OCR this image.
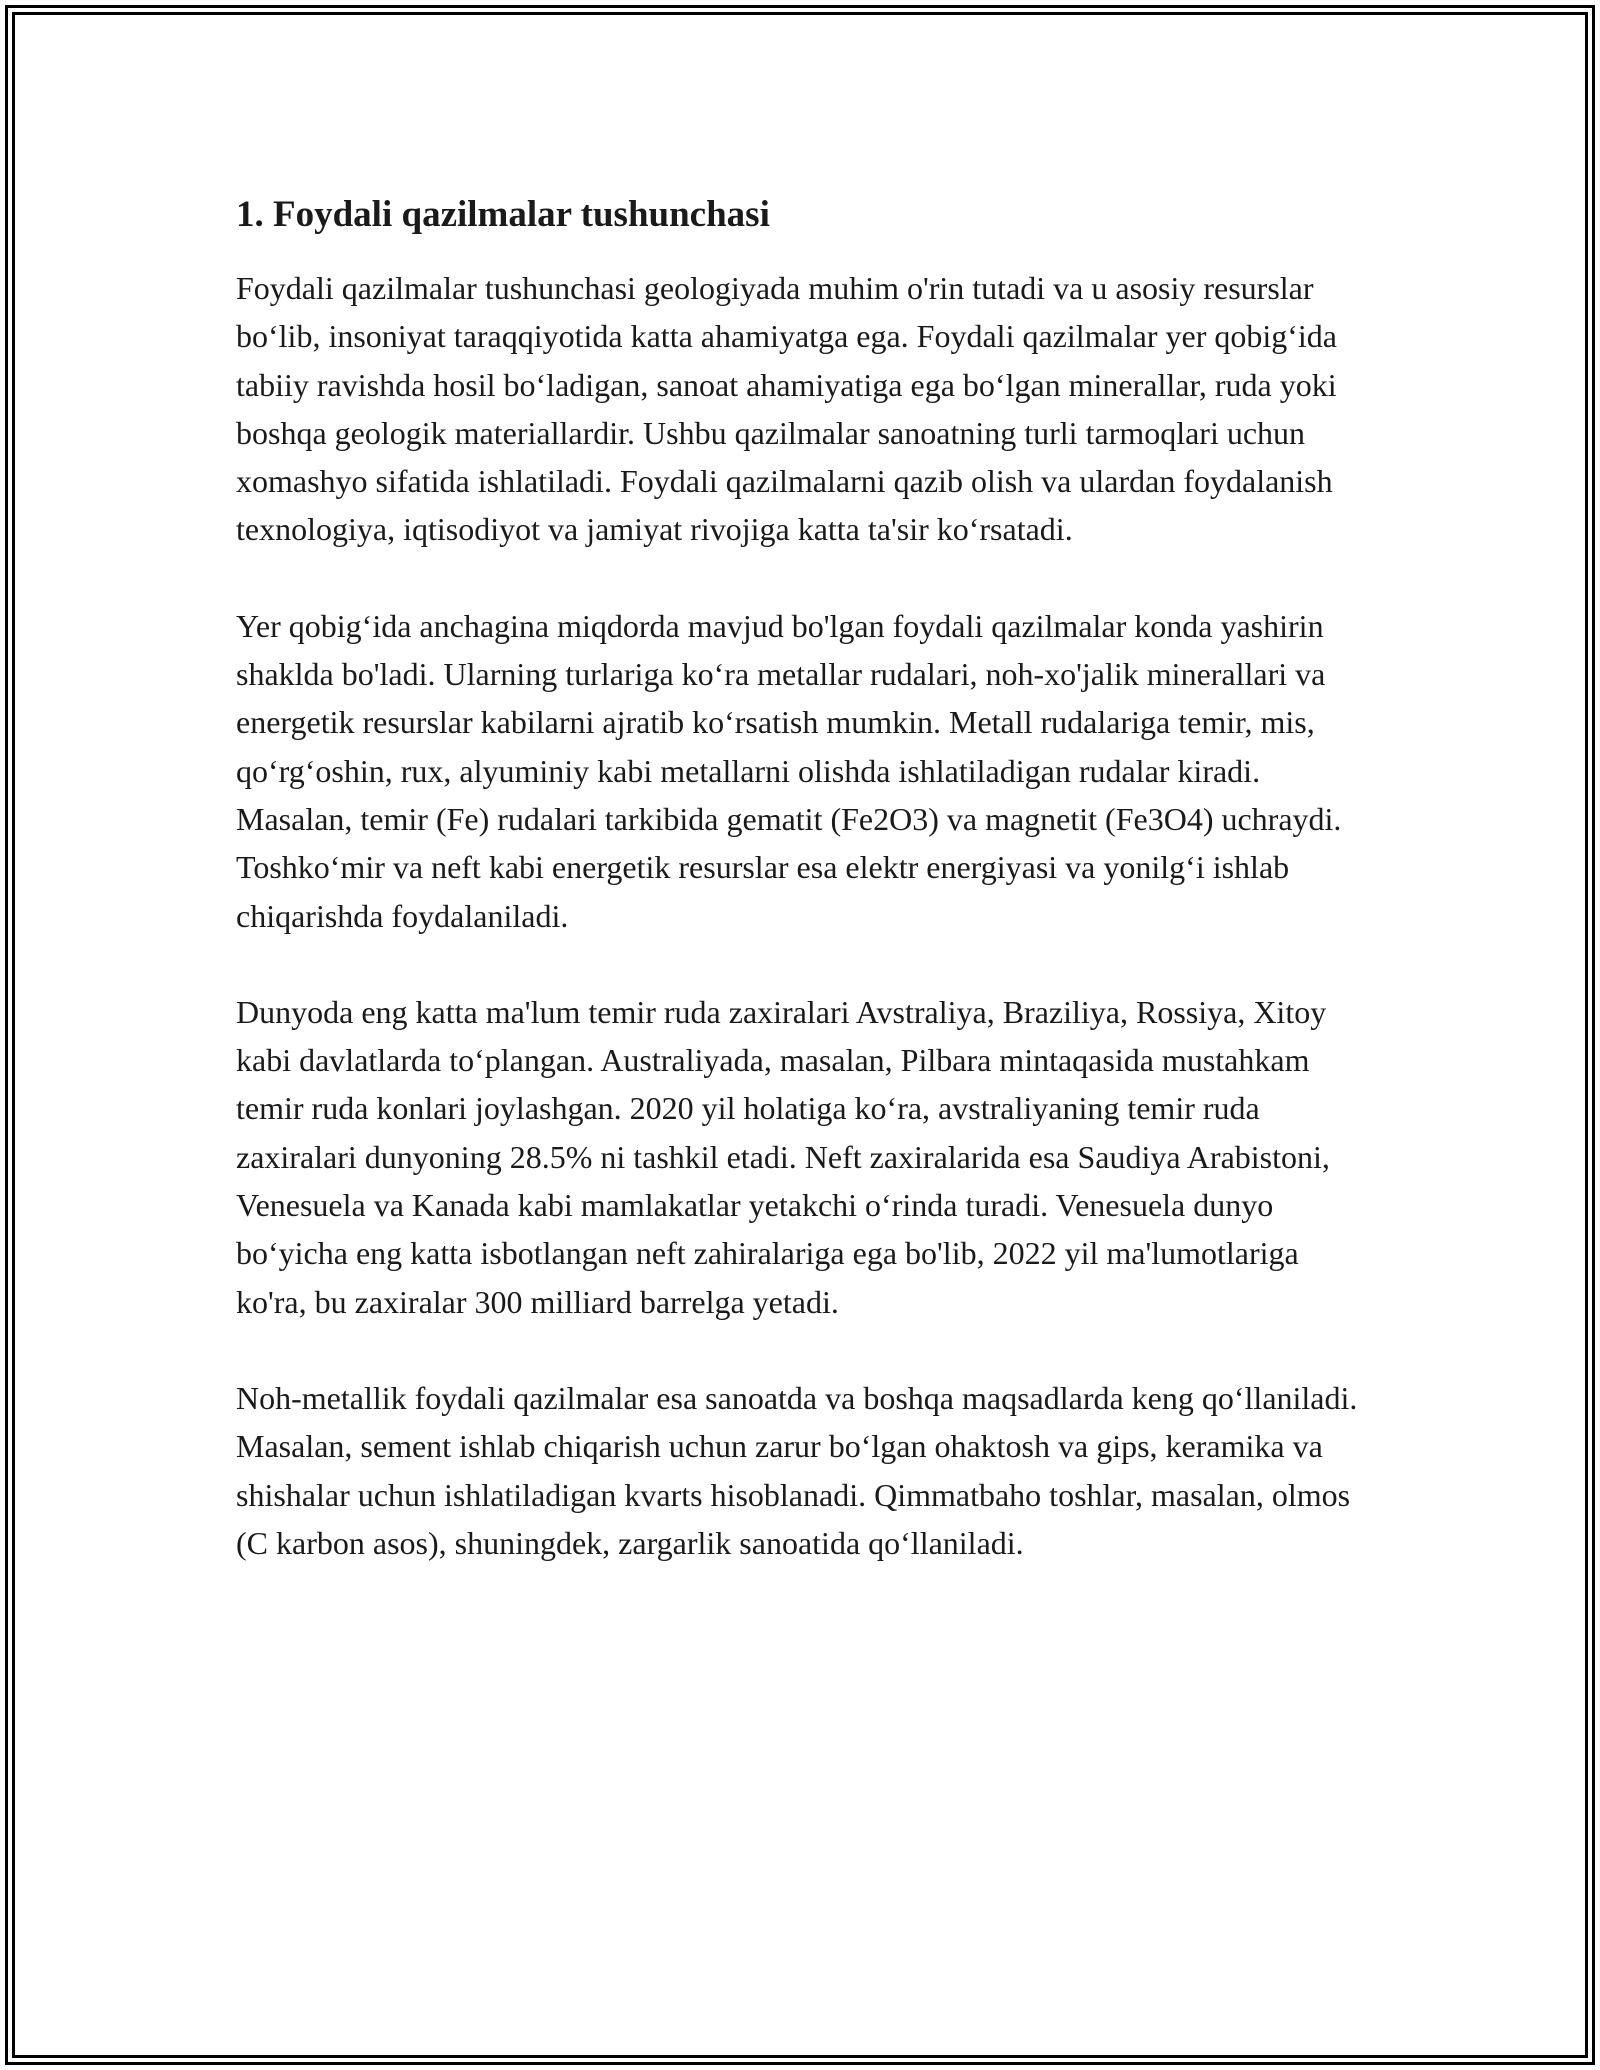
1. Foydali qazilmalar tushunchasi

Foydali qazilmalar tushunchasi geologiyada muhim o'rin tutadi va u asosiy resurslar bo‘lib, insoniyat taraqqiyotida katta ahamiyatga ega. Foydali qazilmalar yer qobig‘ida tabiiy ravishda hosil bo‘ladigan, sanoat ahamiyatiga ega bo‘lgan minerallar, ruda yoki boshqa geologik materiallardir. Ushbu qazilmalar sanoatning turli tarmoqlari uchun xomashyo sifatida ishlatiladi. Foydali qazilmalarni qazib olish va ulardan foydalanish texnologiya, iqtisodiyot va jamiyat rivojiga katta ta'sir ko‘rsatadi.

Yer qobig‘ida anchagina miqdorda mavjud bo'lgan foydali qazilmalar konda yashirin shaklda bo'ladi. Ularning turlariga ko‘ra metallar rudalari, noh-xo'jalik minerallari va energetik resurslar kabilarni ajratib ko‘rsatish mumkin. Metall rudalariga temir, mis, qo‘rg‘oshin, rux, alyuminiy kabi metallarni olishda ishlatiladigan rudalar kiradi. Masalan, temir (Fe) rudalari tarkibida gematit (Fe2O3) va magnetit (Fe3O4) uchraydi. Toshko‘mir va neft kabi energetik resurslar esa elektr energiyasi va yonilg‘i ishlab chiqarishda foydalaniladi.

Dunyoda eng katta ma'lum temir ruda zaxiralari Avstraliya, Braziliya, Rossiya, Xitoy kabi davlatlarda to‘plangan. Australiyada, masalan, Pilbara mintaqasida mustahkam temir ruda konlari joylashgan. 2020 yil holatiga ko‘ra, avstraliyaning temir ruda zaxiralari dunyoning 28.5% ni tashkil etadi. Neft zaxiralarida esa Saudiya Arabistoni, Venesuela va Kanada kabi mamlakatlar yetakchi o‘rinda turadi. Venesuela dunyo bo‘yicha eng katta isbotlangan neft zahiralariga ega bo'lib, 2022 yil ma'lumotlariga ko'ra, bu zaxiralar 300 milliard barrelga yetadi.

Noh-metallik foydali qazilmalar esa sanoatda va boshqa maqsadlarda keng qo‘llaniladi. Masalan, sement ishlab chiqarish uchun zarur bo‘lgan ohaktosh va gips, keramika va shishalar uchun ishlatiladigan kvarts hisoblanadi. Qimmatbaho toshlar, masalan, olmos (C karbon asos), shuningdek, zargarlik sanoatida qo‘llaniladi.
